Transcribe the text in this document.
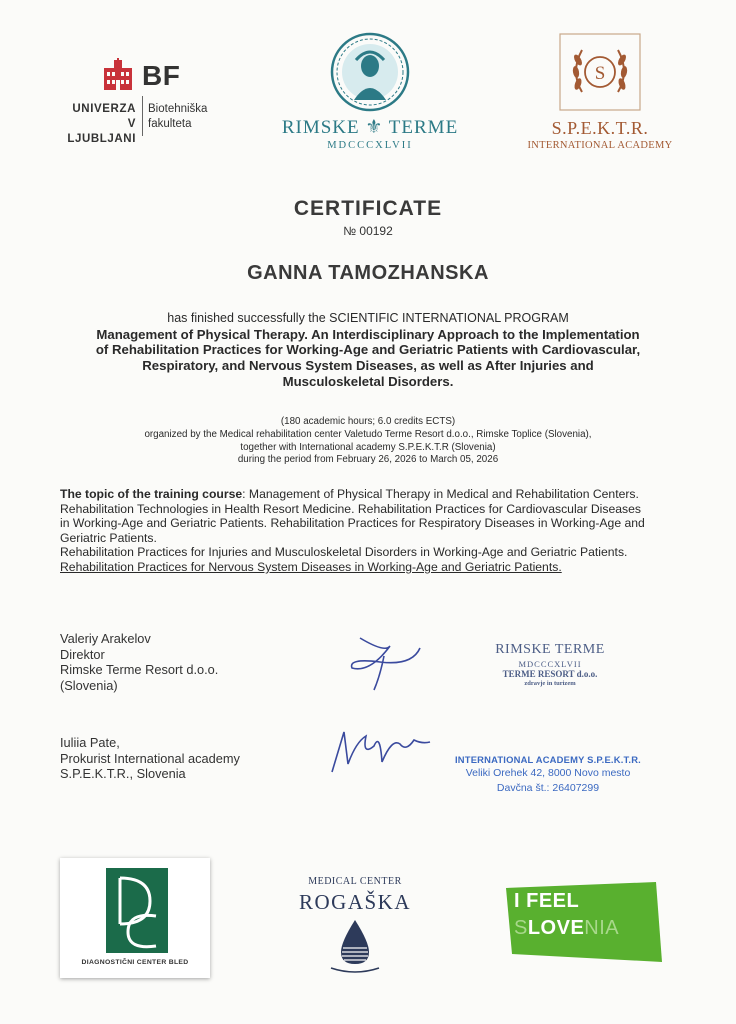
BF
UNIVERZA
V LJUBLJANI
Biotehniška
fakulteta	RIMSKE ⚜ TERME
MDCCCXLVII
S
S.P.E.K.T.R.
INTERNATIONAL ACADEMY
CERTIFICATE
№ 00192
GANNA TAMOZHANSKA
has finished successfully the SCIENTIFIC INTERNATIONAL PROGRAM
Management of Physical Therapy. An Interdisciplinary Approach to the Implementation of Rehabilitation Practices for Working-Age and Geriatric Patients with Cardiovascular, Respiratory, and Nervous System Diseases, as well as After Injuries and Musculoskeletal Disorders.
(180 academic hours; 6.0 credits ECTS)
organized by the Medical rehabilitation center Valetudo Terme Resort d.o.o., Rimske Toplice (Slovenia),
together with International academy S.P.E.K.T.R (Slovenia)
during the period from February 26, 2026 to March 05, 2026
The topic of the training course: Management of Physical Therapy in Medical and Rehabilitation Centers. Rehabilitation Technologies in Health Resort Medicine. Rehabilitation Practices for Cardiovascular Diseases in Working-Age and Geriatric Patients. Rehabilitation Practices for Respiratory Diseases in Working-Age and Geriatric Patients.
Rehabilitation Practices for Injuries and Musculoskeletal Disorders in Working-Age and Geriatric Patients.
Rehabilitation Practices for Nervous System Diseases in Working-Age and Geriatric Patients.
Valeriy Arakelov
Direktor
Rimske Terme Resort d.o.o.
(Slovenia)
RIMSKE TERME
MDCCCXLVII
TERME RESORT d.o.o.
zdravje in turizem
Iuliia Pate,
Prokurist International academy
S.P.E.K.T.R., Slovenia
INTERNATIONAL ACADEMY S.P.E.K.T.R.
Veliki Orehek 42, 8000 Novo mesto
Davčna št.: 26407299
DIAGNOSTIČNI CENTER BLED
MEDICAL CENTER
ROGAŠKA	I FEEL
SLOVENIA
